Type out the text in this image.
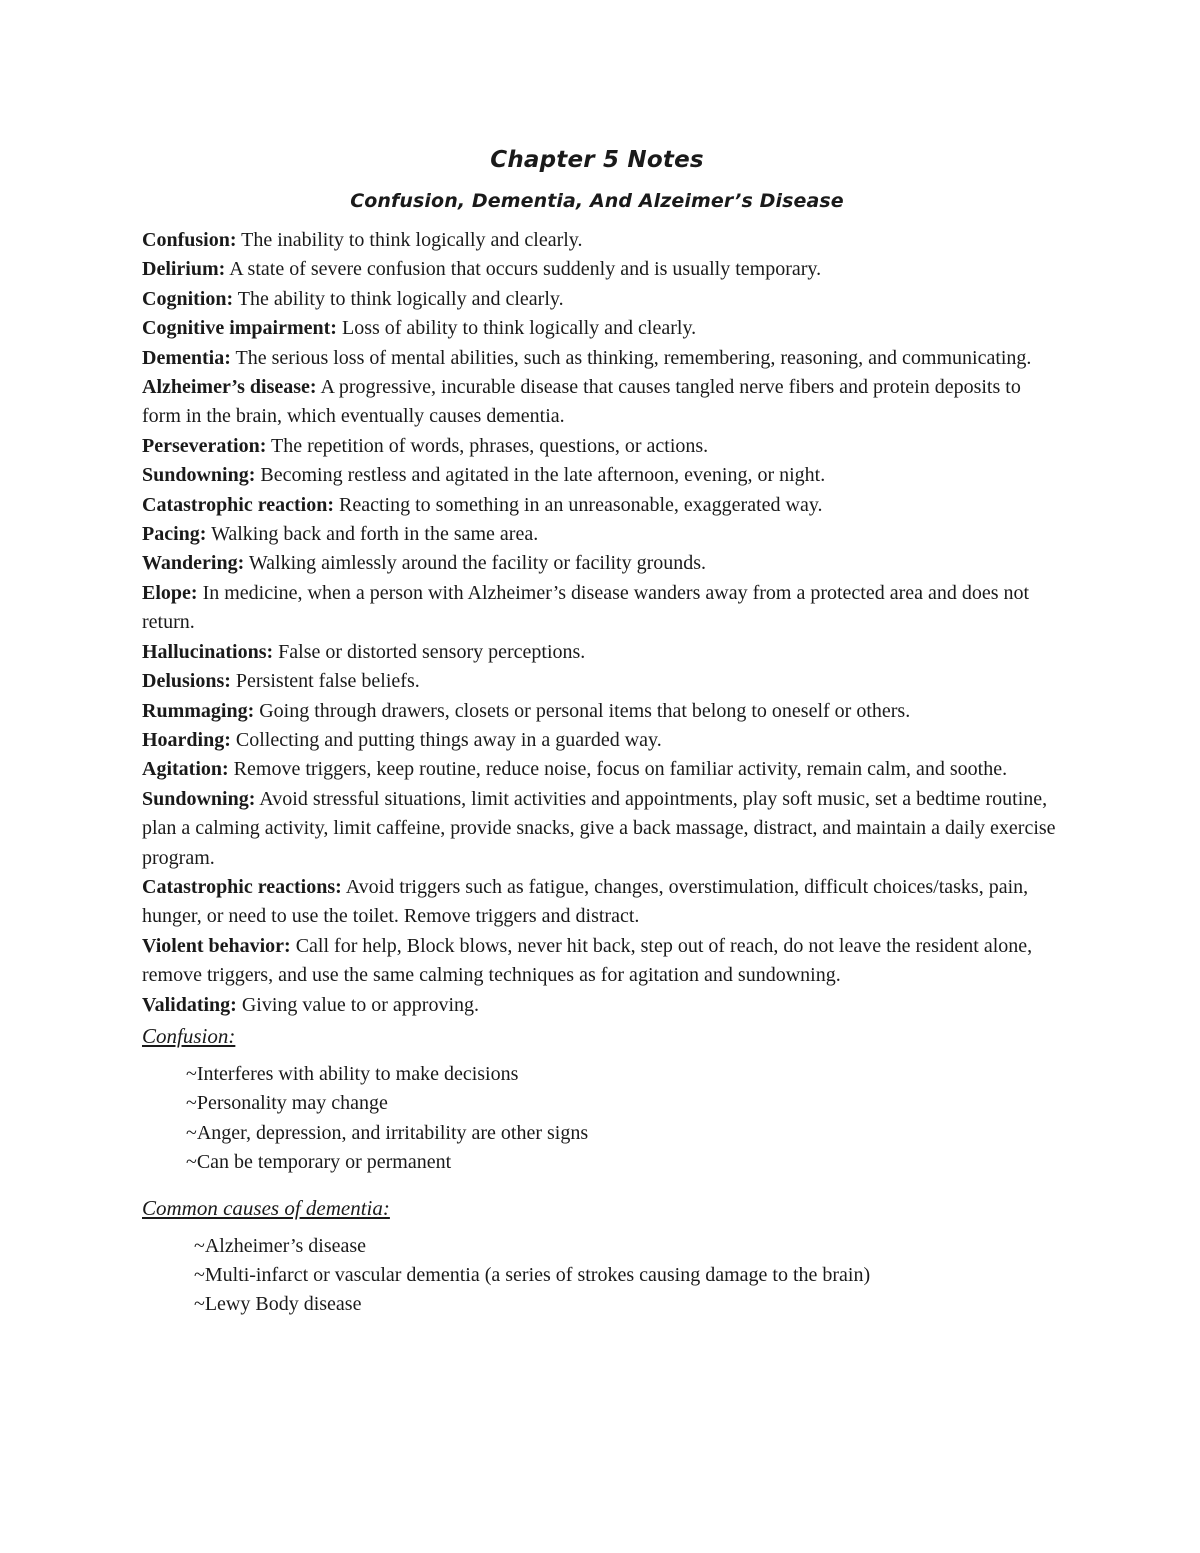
Chapter 5 Notes
Confusion, Dementia, And Alzeimer’s Disease

Confusion: The inability to think logically and clearly.

Delirium: A state of severe confusion that occurs suddenly and is usually temporary.

Cognition: The ability to think logically and clearly.

Cognitive impairment: Loss of ability to think logically and clearly.

Dementia: The serious loss of mental abilities, such as thinking, remembering, reasoning, and communicating.

Alzheimer’s disease: A progressive, incurable disease that causes tangled nerve fibers and protein deposits to form in the brain, which eventually causes dementia.

Perseveration: The repetition of words, phrases, questions, or actions.

Sundowning: Becoming restless and agitated in the late afternoon, evening, or night.

Catastrophic reaction: Reacting to something in an unreasonable, exaggerated way.

Pacing: Walking back and forth in the same area.

Wandering: Walking aimlessly around the facility or facility grounds.

Elope: In medicine, when a person with Alzheimer’s disease wanders away from a protected area and does not return.

Hallucinations: False or distorted sensory perceptions.

Delusions: Persistent false beliefs.

Rummaging: Going through drawers, closets or personal items that belong to oneself or others.

Hoarding: Collecting and putting things away in a guarded way.

Agitation: Remove triggers, keep routine, reduce noise, focus on familiar activity, remain calm, and soothe.

Sundowning: Avoid stressful situations, limit activities and appointments, play soft music, set a bedtime routine, plan a calming activity, limit caffeine, provide snacks, give a back massage, distract, and maintain a daily exercise program.

Catastrophic reactions: Avoid triggers such as fatigue, changes, overstimulation, difficult choices/tasks, pain, hunger, or need to use the toilet. Remove triggers and distract.

Violent behavior: Call for help, Block blows, never hit back, step out of reach, do not leave the resident alone, remove triggers, and use the same calming techniques as for agitation and sundowning.

Validating: Giving value to or approving.

Confusion:

~Interferes with ability to make decisions
~Personality may change
~Anger, depression, and irritability are other signs
~Can be temporary or permanent

Common causes of dementia:

~Alzheimer’s disease
~Multi-infarct or vascular dementia (a series of strokes causing damage to the brain)
~Lewy Body disease
